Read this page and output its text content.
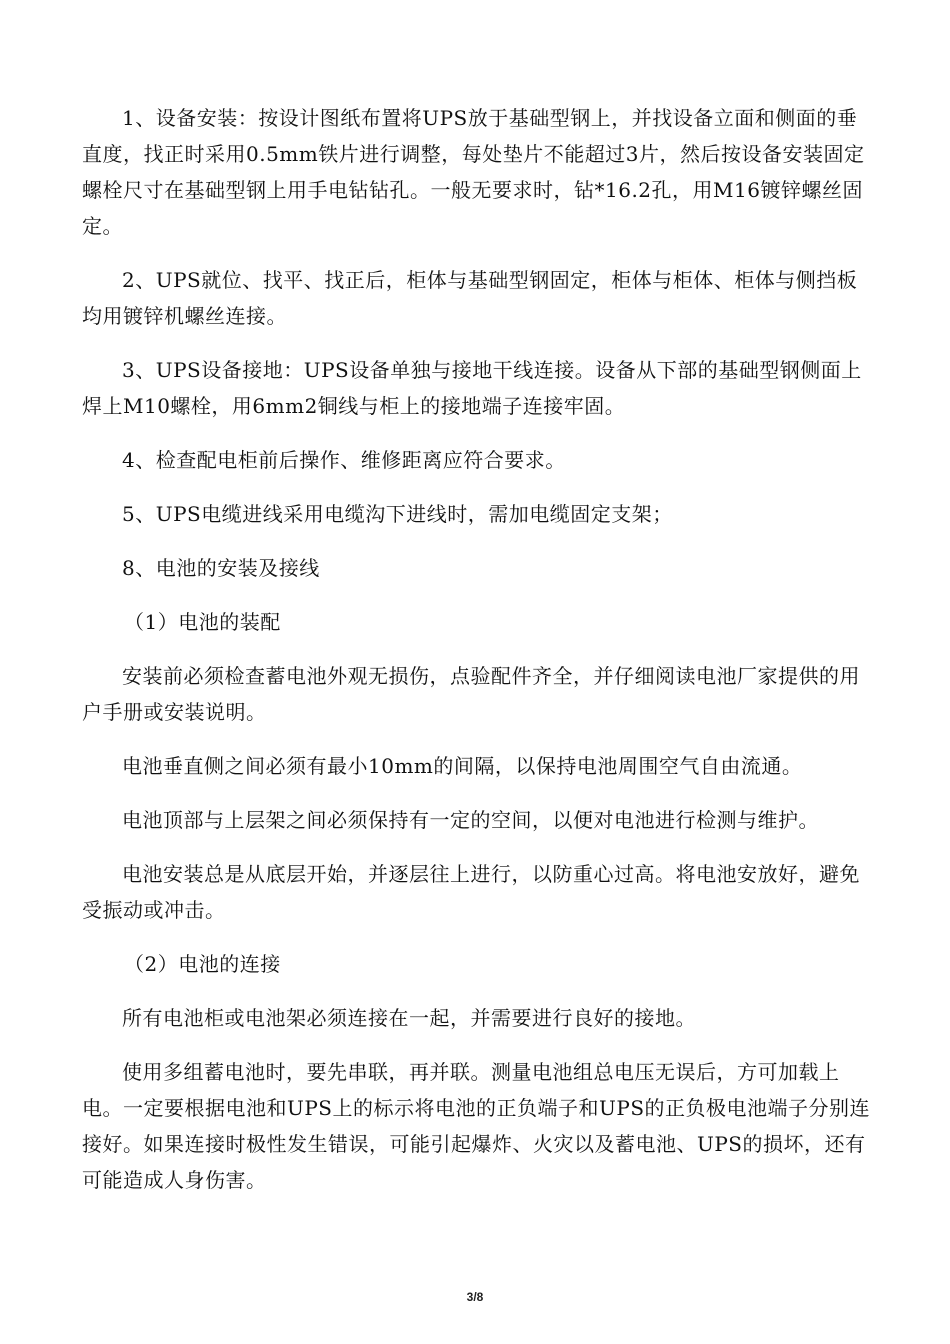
1、设备安装：按设计图纸布置将UPS放于基础型钢上，并找设备立面和侧面的垂直度，找正时采用0.5mm铁片进行调整，每处垫片不能超过3片，然后按设备安装固定螺栓尺寸在基础型钢上用手电钻钻孔。一般无要求时，钻*16.2孔，用M16镀锌螺丝固定。

2、UPS就位、找平、找正后，柜体与基础型钢固定，柜体与柜体、柜体与侧挡板均用镀锌机螺丝连接。

3、UPS设备接地：UPS设备单独与接地干线连接。设备从下部的基础型钢侧面上焊上M10螺栓，用6mm2铜线与柜上的接地端子连接牢固。

4、检查配电柜前后操作、维修距离应符合要求。

5、UPS电缆进线采用电缆沟下进线时，需加电缆固定支架；

8、电池的安装及接线

（1）电池的装配

安装前必须检查蓄电池外观无损伤，点验配件齐全，并仔细阅读电池厂家提供的用户手册或安装说明。

电池垂直侧之间必须有最小10mm的间隔，以保持电池周围空气自由流通。

电池顶部与上层架之间必须保持有一定的空间，以便对电池进行检测与维护。

电池安装总是从底层开始，并逐层往上进行，以防重心过高。将电池安放好，避免受振动或冲击。

（2）电池的连接

所有电池柜或电池架必须连接在一起，并需要进行良好的接地。

使用多组蓄电池时，要先串联，再并联。测量电池组总电压无误后，方可加载上电。一定要根据电池和UPS上的标示将电池的正负端子和UPS的正负极电池端子分别连接好。如果连接时极性发生错误，可能引起爆炸、火灾以及蓄电池、UPS的损坏，还有可能造成人身伤害。

3/8
